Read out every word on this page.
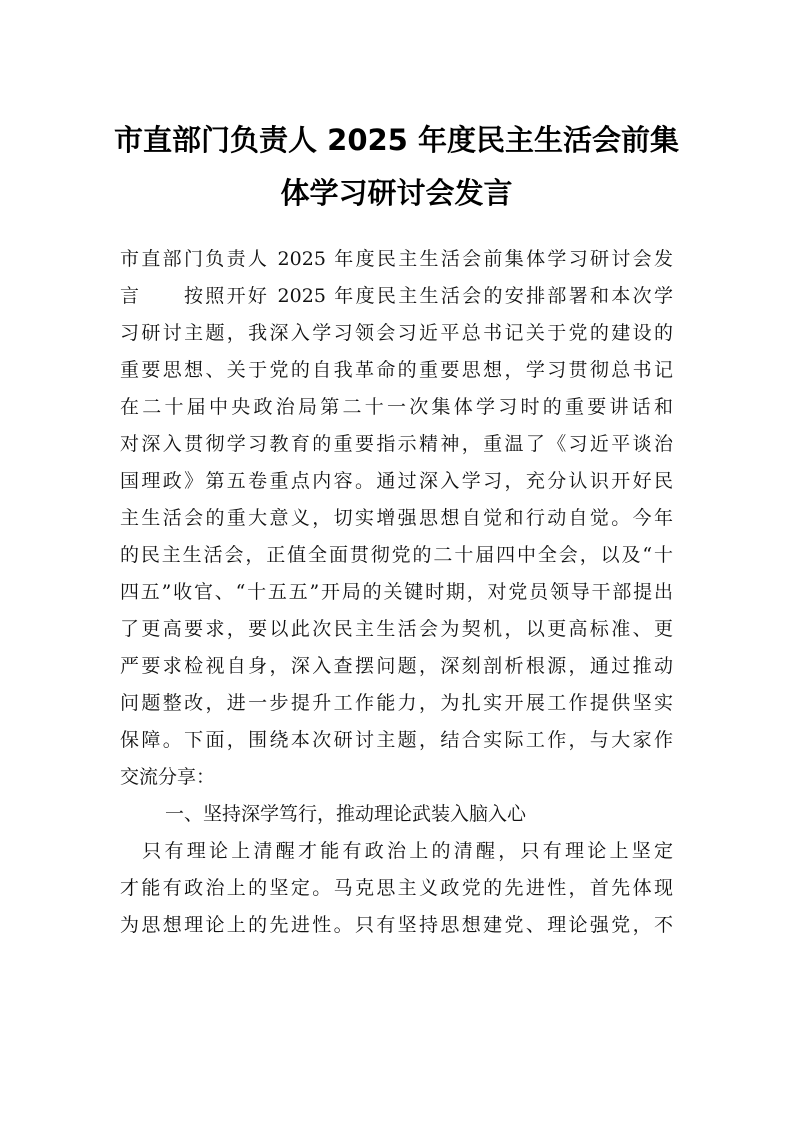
市直部门负责人 2025 年度民主生活会前集
体学习研讨会发言

市直部门负责人 2025 年度民主生活会前集体学习研讨会发

言　　按照开好 2025 年度民主生活会的安排部署和本次学

习研讨主题，我深入学习领会习近平总书记关于党的建设的

重要思想、关于党的自我革命的重要思想，学习贯彻总书记

在二十届中央政治局第二十一次集体学习时的重要讲话和

对深入贯彻学习教育的重要指示精神，重温了《习近平谈治

国理政》第五卷重点内容。通过深入学习，充分认识开好民

主生活会的重大意义，切实增强思想自觉和行动自觉。今年

的民主生活会，正值全面贯彻党的二十届四中全会，以及“十

四五”收官、“十五五”开局的关键时期，对党员领导干部提出

了更高要求，要以此次民主生活会为契机，以更高标准、更

严要求检视自身，深入查摆问题，深刻剖析根源，通过推动

问题整改，进一步提升工作能力，为扎实开展工作提供坚实

保障。下面，围绕本次研讨主题，结合实际工作，与大家作

交流分享：

　一、坚持深学笃行，推动理论武装入脑入心

　只有理论上清醒才能有政治上的清醒，只有理论上坚定

才能有政治上的坚定。马克思主义政党的先进性，首先体现

为思想理论上的先进性。只有坚持思想建党、理论强党，不
